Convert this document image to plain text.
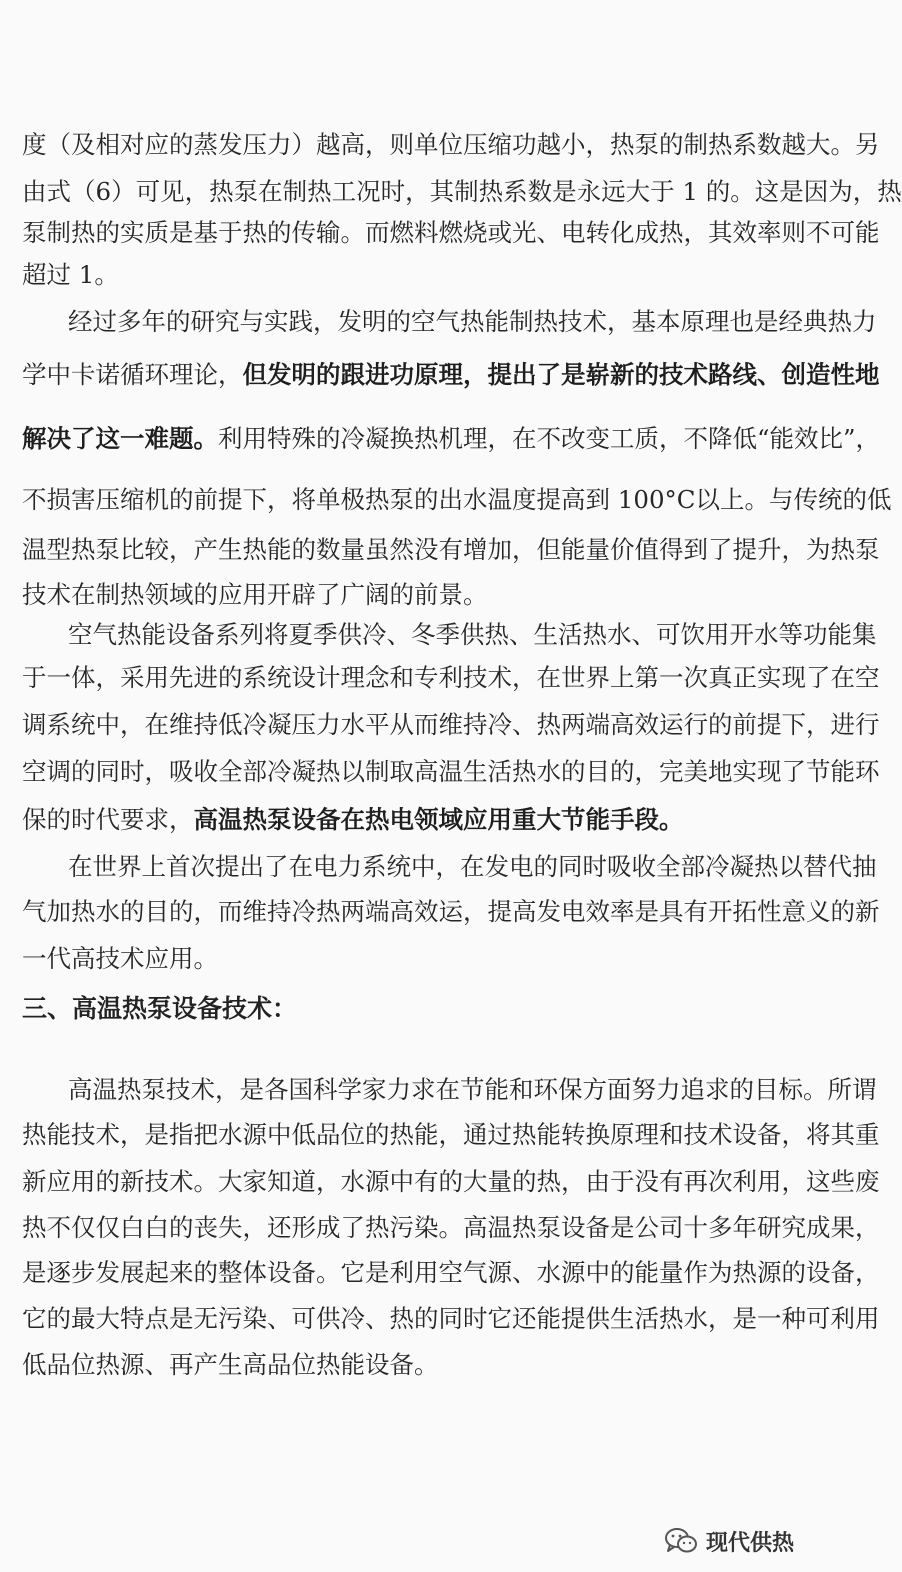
度（及相对应的蒸发压力）越高，则单位压缩功越小，热泵的制热系数越大。另
由式（6）可见，热泵在制热工况时，其制热系数是永远大于 1 的。这是因为，热
泵制热的实质是基于热的传输。而燃料燃烧或光、电转化成热，其效率则不可能
超过 1。
经过多年的研究与实践，发明的空气热能制热技术，基本原理也是经典热力
学中卡诺循环理论，但发明的跟进功原理，提出了是崭新的技术路线、创造性地
解决了这一难题。利用特殊的冷凝换热机理，在不改变工质，不降低“能效比”，
不损害压缩机的前提下，将单极热泵的出水温度提高到 100°C以上。与传统的低
温型热泵比较，产生热能的数量虽然没有增加，但能量价值得到了提升，为热泵
技术在制热领域的应用开辟了广阔的前景。
空气热能设备系列将夏季供冷、冬季供热、生活热水、可饮用开水等功能集
于一体，采用先进的系统设计理念和专利技术，在世界上第一次真正实现了在空
调系统中，在维持低冷凝压力水平从而维持冷、热两端高效运行的前提下，进行
空调的同时，吸收全部冷凝热以制取高温生活热水的目的，完美地实现了节能环
保的时代要求，高温热泵设备在热电领域应用重大节能手段。
在世界上首次提出了在电力系统中，在发电的同时吸收全部冷凝热以替代抽
气加热水的目的，而维持冷热两端高效运，提高发电效率是具有开拓性意义的新
一代高技术应用。
三、高温热泵设备技术：
高温热泵技术，是各国科学家力求在节能和环保方面努力追求的目标。所谓
热能技术，是指把水源中低品位的热能，通过热能转换原理和技术设备，将其重
新应用的新技术。大家知道，水源中有的大量的热，由于没有再次利用，这些废
热不仅仅白白的丧失，还形成了热污染。高温热泵设备是公司十多年研究成果，
是逐步发展起来的整体设备。它是利用空气源、水源中的能量作为热源的设备，
它的最大特点是无污染、可供冷、热的同时它还能提供生活热水，是一种可利用
低品位热源、再产生高品位热能设备。
现代供热
